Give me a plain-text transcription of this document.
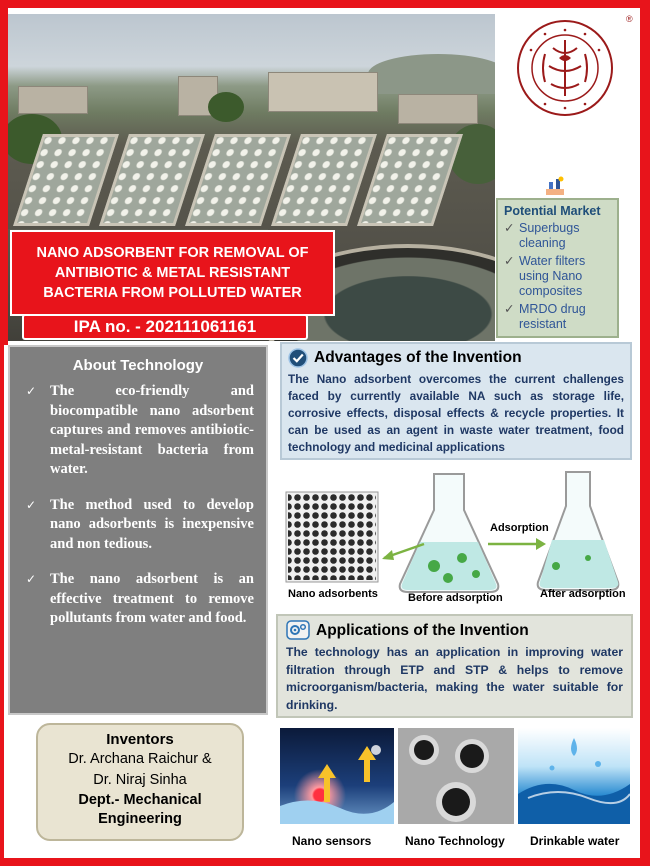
NANO ADSORBENT FOR REMOVAL OF ANTIBIOTIC & METAL RESISTANT BACTERIA FROM POLLUTED WATER
IPA no. - 202111061161
®
Potential Market
✓ Superbugs cleaning
✓ Water filters using Nano composites
✓ MRDO drug resistant
About Technology
✓ The eco-friendly and biocompatible nano adsorbent captures and removes antibiotic-metal-resistant bacteria from water.
✓ The method used to develop nano adsorbents is inexpensive and non tedious.
✓ The nano adsorbent is an effective treatment to remove pollutants from water and food.
Inventors
Dr. Archana Raichur &
Dr. Niraj Sinha
Dept.- Mechanical
Engineering
Advantages of the Invention
The Nano adsorbent overcomes the current challenges faced by currently available NA such as storage life, corrosive effects, disposal effects & recycle properties. It can be used as an agent in waste water treatment, food technology and medicinal applications
Adsorption
Nano adsorbents	Before adsorption	After adsorption
Applications of the Invention
The technology has an application in improving water filtration through ETP and STP & helps to remove microorganism/bacteria, making the water suitable for drinking.
Nano sensors	Nano Technology Drinkable water
